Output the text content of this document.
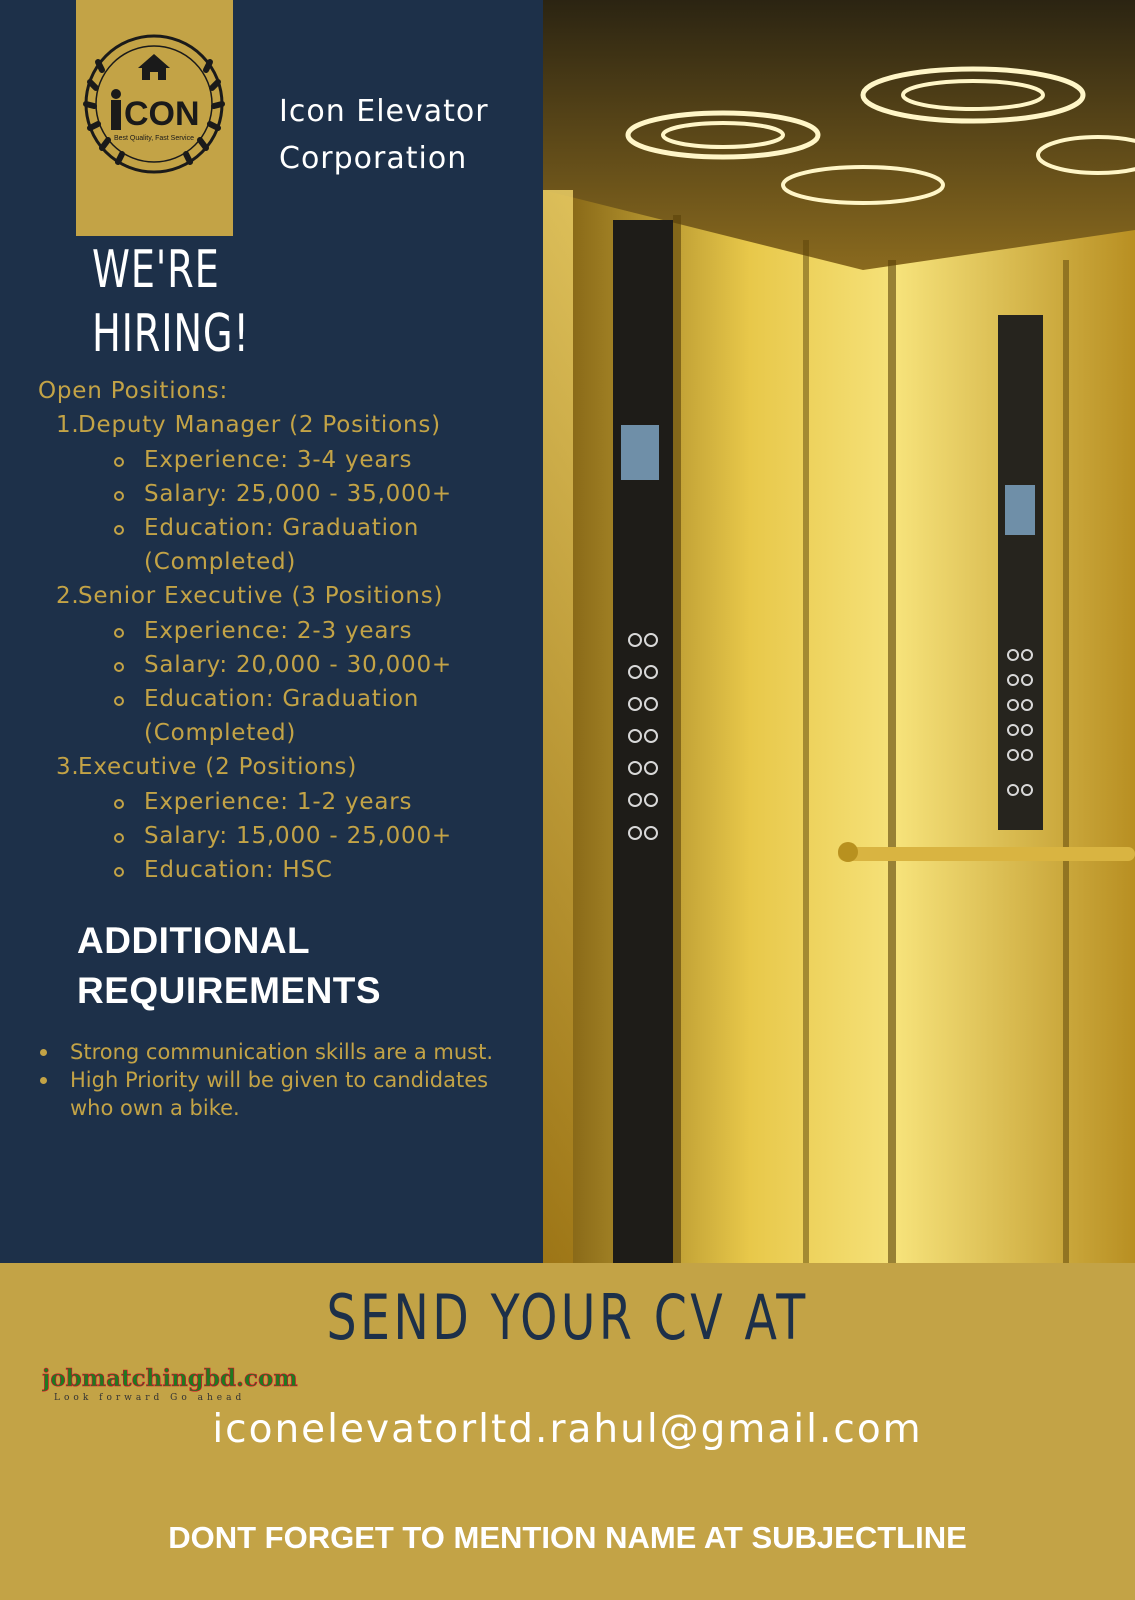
CON
Best Quality, Fast Service
Icon Elevator
Corporation
WE'RE
HIRING!
Open Positions:
1.
Deputy Manager (2 Positions)
Experience: 3-4 years
Salary: 25,000 - 35,000+
Education: Graduation
(Completed)
2.
Senior Executive (3 Positions)
Experience: 2-3 years
Salary: 20,000 - 30,000+
Education: Graduation
(Completed)
3.
Executive (2 Positions)
Experience: 1-2 years
Salary: 15,000 - 25,000+
Education: HSC
ADDITIONAL
REQUIREMENTS
Strong communication skills are a must.
High Priority will be given to candidates who own a bike.
SEND YOUR CV AT
jobmatchingbd.com
Look forward Go ahead
iconelevatorltd.rahul@gmail.com
DONT FORGET TO MENTION NAME AT SUBJECTLINE
